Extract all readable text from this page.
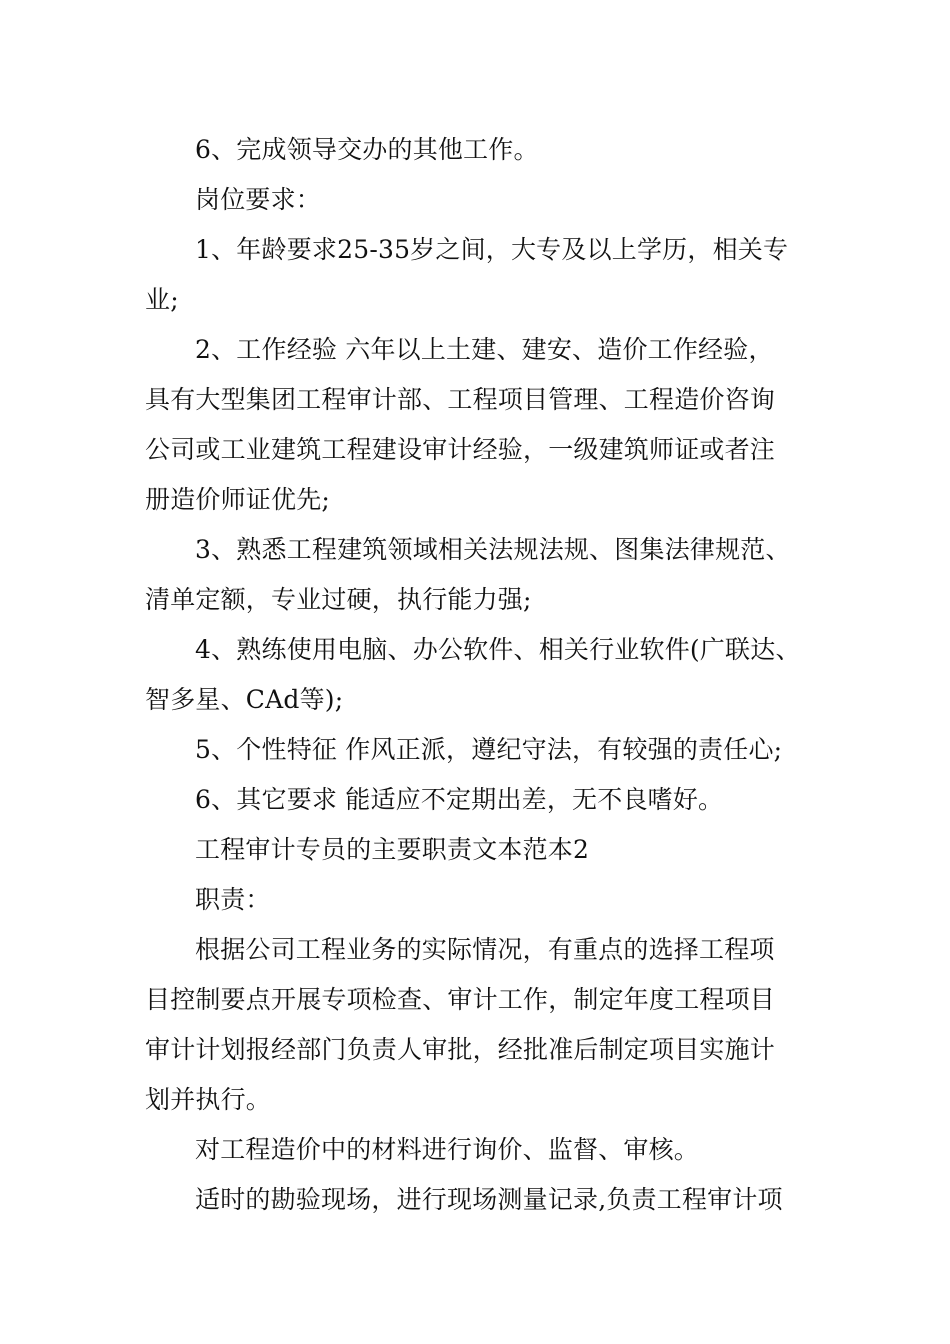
6、完成领导交办的其他工作。
岗位要求：
1、年龄要求25-35岁之间，大专及以上学历，相关专
业;
2、工作经验 六年以上土建、建安、造价工作经验，
具有大型集团工程审计部、工程项目管理、工程造价咨询
公司或工业建筑工程建设审计经验，一级建筑师证或者注
册造价师证优先;
3、熟悉工程建筑领域相关法规法规、图集法律规范、
清单定额，专业过硬，执行能力强;
4、熟练使用电脑、办公软件、相关行业软件(广联达、
智多星、CAd等);
5、个性特征 作风正派，遵纪守法，有较强的责任心;
6、其它要求 能适应不定期出差，无不良嗜好。
工程审计专员的主要职责文本范本2
职责：
根据公司工程业务的实际情况，有重点的选择工程项
目控制要点开展专项检查、审计工作，制定年度工程项目
审计计划报经部门负责人审批，经批准后制定项目实施计
划并执行。
对工程造价中的材料进行询价、监督、审核。
适时的勘验现场，进行现场测量记录,负责工程审计项
